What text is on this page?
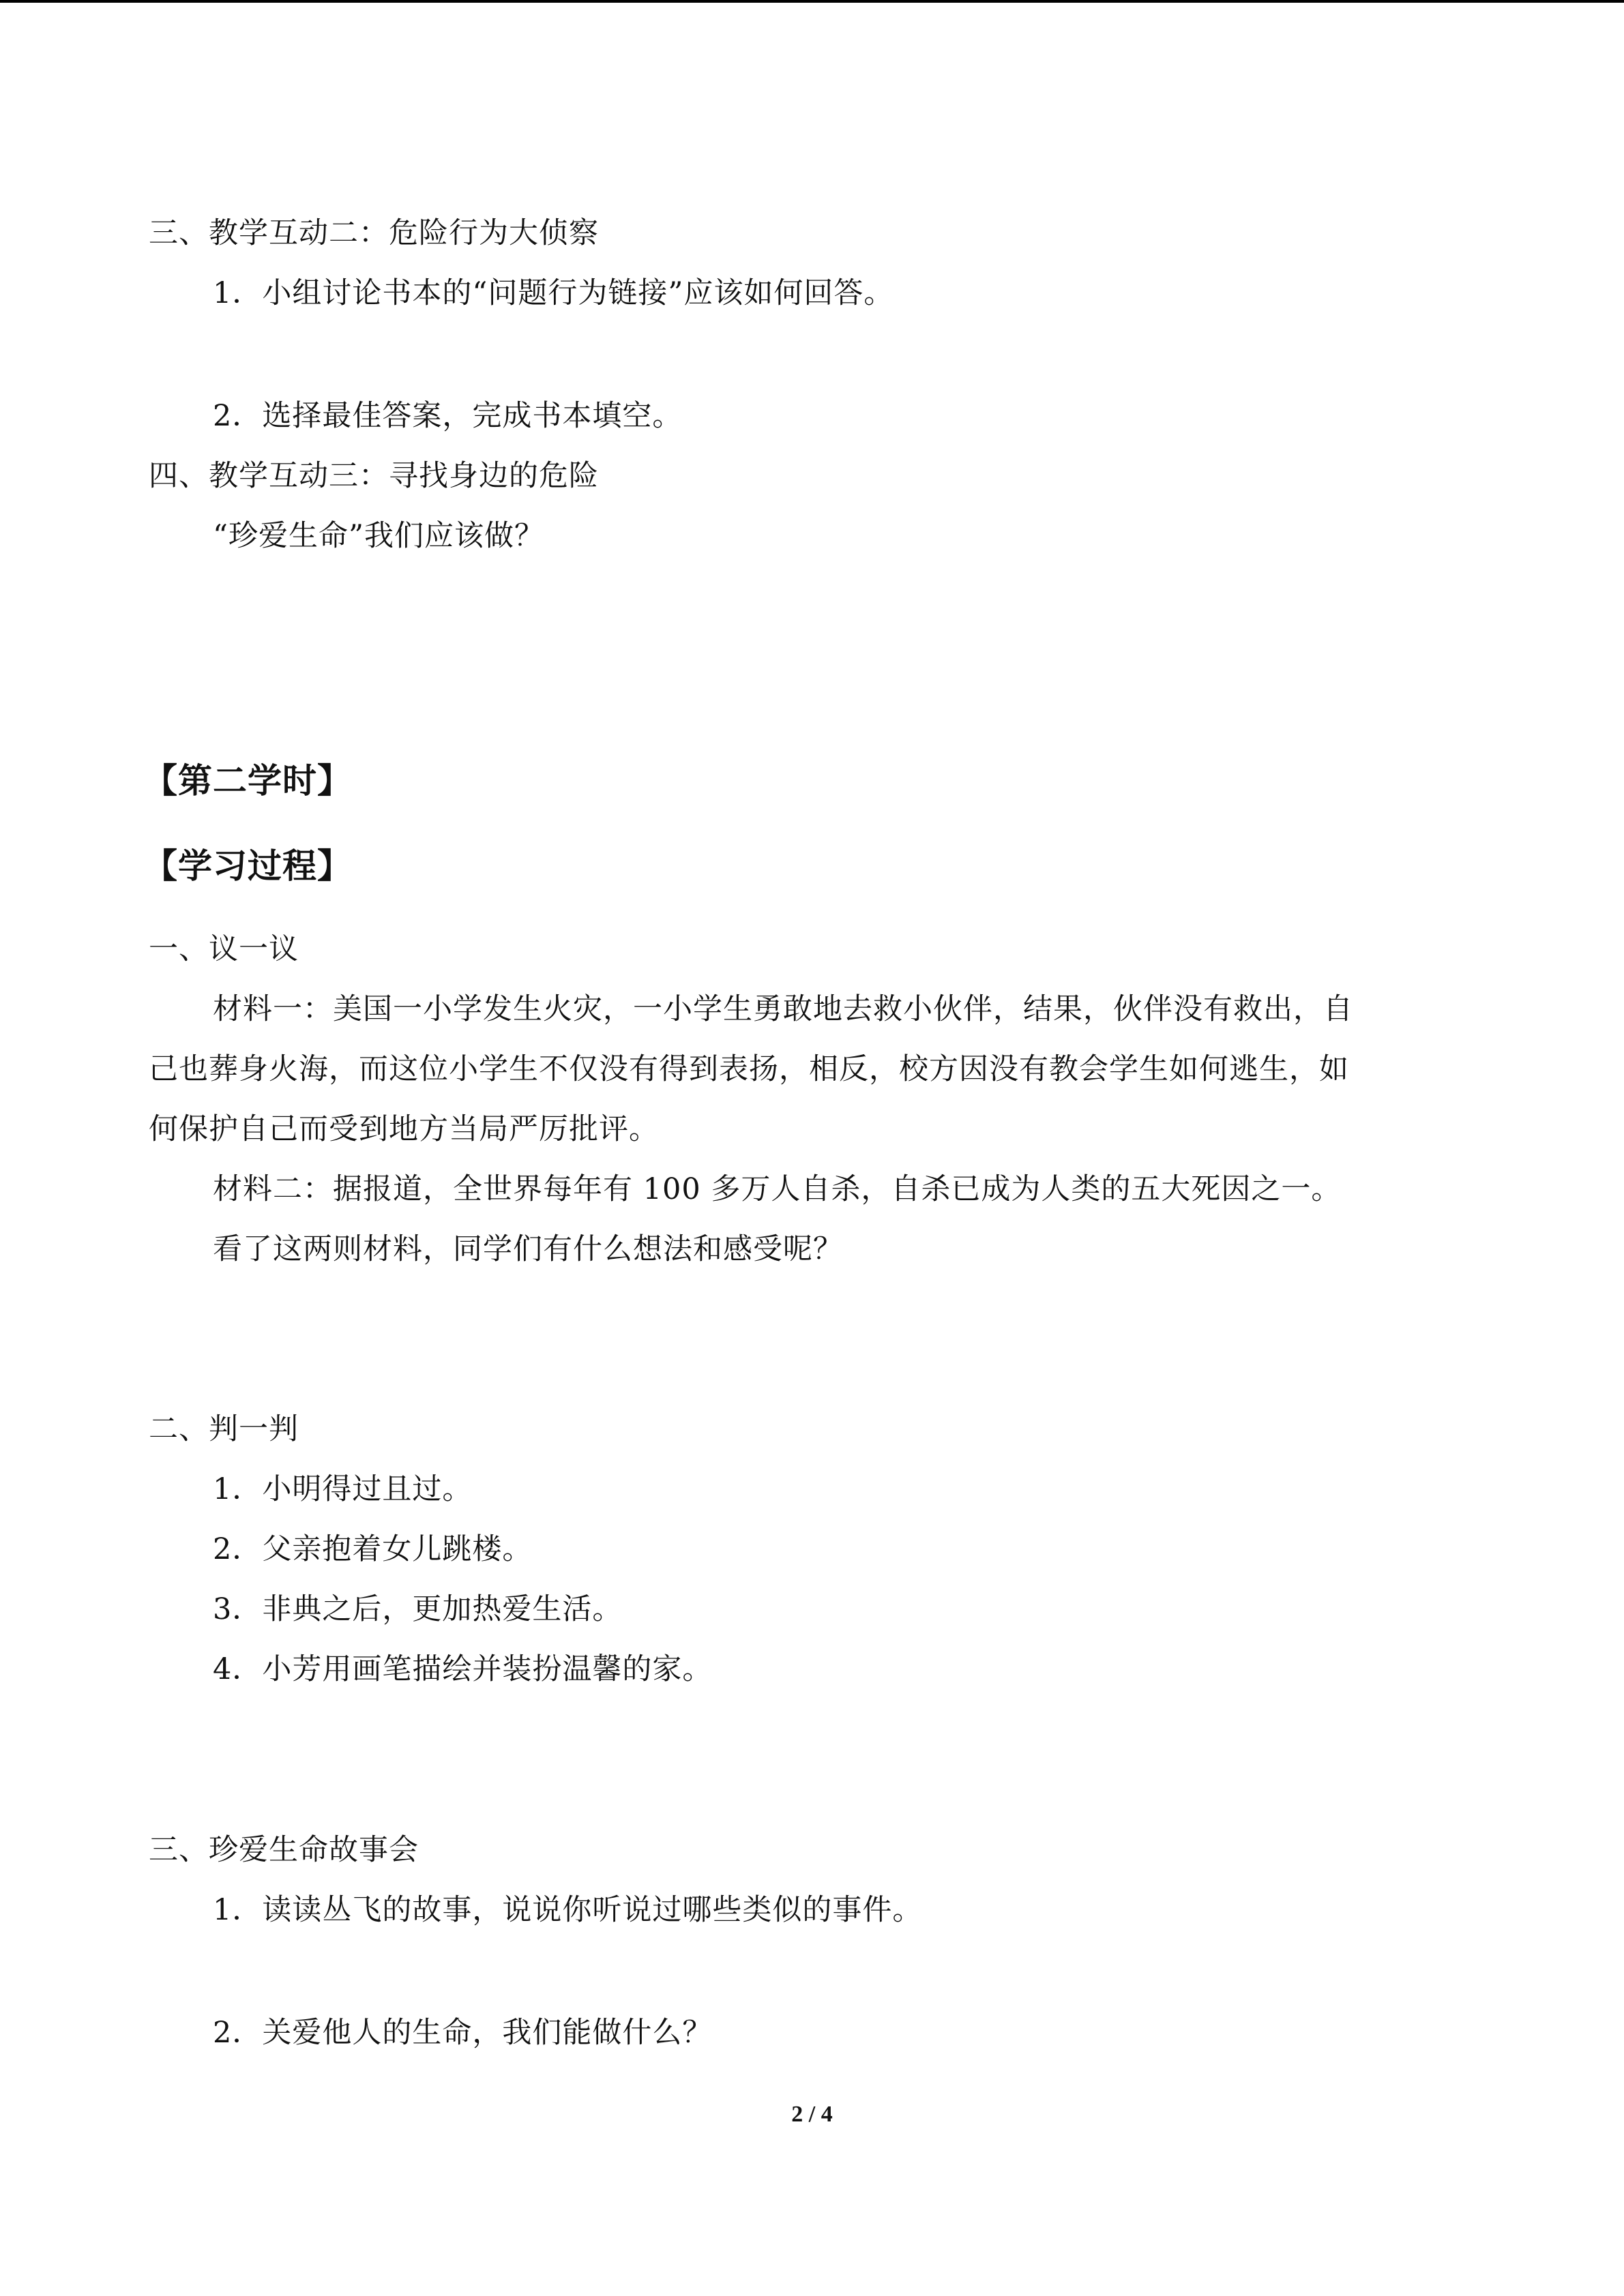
三、教学互动二：危险行为大侦察
1．小组讨论书本的“问题行为链接”应该如何回答。
2．选择最佳答案，完成书本填空。
四、教学互动三：寻找身边的危险
“珍爱生命”我们应该做？
【第二学时】
【学习过程】
一、议一议
材料一：美国一小学发生火灾，一小学生勇敢地去救小伙伴，结果，伙伴没有救出，自
己也葬身火海，而这位小学生不仅没有得到表扬，相反，校方因没有教会学生如何逃生，如
何保护自己而受到地方当局严厉批评。
材料二：据报道，全世界每年有 100 多万人自杀，自杀已成为人类的五大死因之一。
看了这两则材料，同学们有什么想法和感受呢？
二、判一判
1．小明得过且过。
2．父亲抱着女儿跳楼。
3．非典之后，更加热爱生活。
4．小芳用画笔描绘并装扮温馨的家。
三、珍爱生命故事会
1．读读丛飞的故事，说说你听说过哪些类似的事件。
2．关爱他人的生命，我们能做什么？
2 / 4
